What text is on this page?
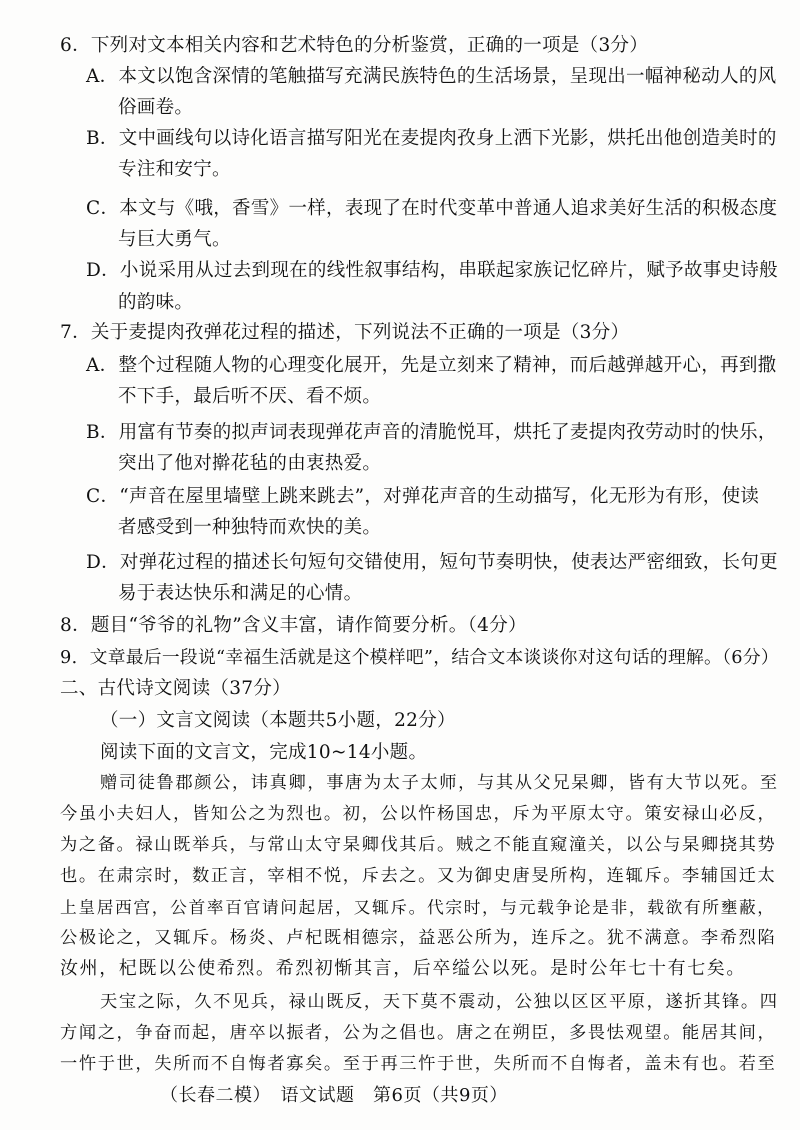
6．下列对文本相关内容和艺术特色的分析鉴赏，正确的一项是（3分）
A．本文以饱含深情的笔触描写充满民族特色的生活场景，呈现出一幅神秘动人的风
俗画卷。
B．文中画线句以诗化语言描写阳光在麦提肉孜身上洒下光影，烘托出他创造美时的
专注和安宁。
C．本文与《哦，香雪》一样，表现了在时代变革中普通人追求美好生活的积极态度
与巨大勇气。
D．小说采用从过去到现在的线性叙事结构，串联起家族记忆碎片，赋予故事史诗般
的韵味。
7．关于麦提肉孜弹花过程的描述，下列说法不正确的一项是（3分）
A．整个过程随人物的心理变化展开，先是立刻来了精神，而后越弹越开心，再到撒
不下手，最后听不厌、看不烦。
B．用富有节奏的拟声词表现弹花声音的清脆悦耳，烘托了麦提肉孜劳动时的快乐，
突出了他对擀花毡的由衷热爱。
C．“声音在屋里墙壁上跳来跳去”，对弹花声音的生动描写，化无形为有形，使读
者感受到一种独特而欢快的美。
D．对弹花过程的描述长句短句交错使用，短句节奏明快，使表达严密细致，长句更
易于表达快乐和满足的心情。
8．题目“爷爷的礼物”含义丰富，请作简要分析。（4分）
9．文章最后一段说“幸福生活就是这个模样吧”，结合文本谈谈你对这句话的理解。（6分）
二、古代诗文阅读（37分）
（一）文言文阅读（本题共5小题，22分）
阅读下面的文言文，完成10~14小题。
赠司徒鲁郡颜公，讳真卿，事唐为太子太师，与其从父兄杲卿，皆有大节以死。至
今虽小夫妇人，皆知公之为烈也。初，公以忤杨国忠，斥为平原太守。策安禄山必反，
为之备。禄山既举兵，与常山太守杲卿伐其后。贼之不能直窥潼关，以公与杲卿挠其势
也。在肃宗时，数正言，宰相不悦，斥去之。又为御史唐旻所构，连辄斥。李辅国迁太
上皇居西宫，公首率百官请问起居，又辄斥。代宗时，与元载争论是非，载欲有所壅蔽，
公极论之，又辄斥。杨炎、卢杞既相德宗，益恶公所为，连斥之。犹不满意。李希烈陷
汝州，杞既以公使希烈。希烈初惭其言，后卒缢公以死。是时公年七十有七矣。
天宝之际，久不见兵，禄山既反，天下莫不震动，公独以区区平原，遂折其锋。四
方闻之，争奋而起，唐卒以振者，公为之倡也。唐之在朔臣，多畏怯观望。能居其间，
一忤于世，失所而不自悔者寡矣。至于再三忤于世，失所而不自悔者，盖未有也。若至
（长春二模）　语文试题　第6页（共9页）
